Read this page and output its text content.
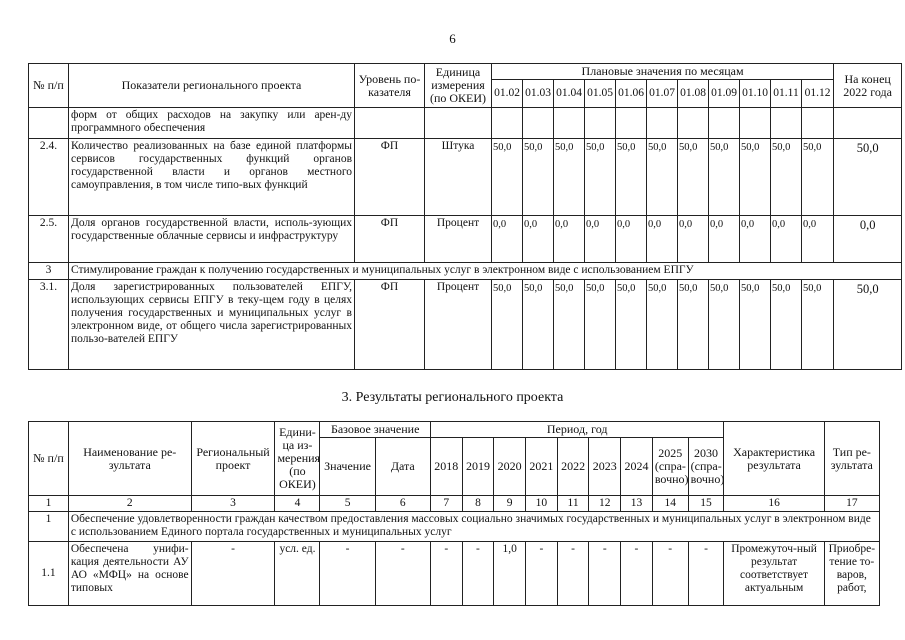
6
№ п/п	Показатели регионального проекта	Уровень по-казателя	Единица измерения (по ОКЕИ)	Плановые значения по месяцам											На конец 2022 года
				01.02	01.03	01.04	01.05	01.06	01.07	01.08	01.09	01.10	01.11	01.12	
	форм от общих расходов на закупку или арен-ду программного обеспечения														
2.4.	Количество реализованных на базе единой платформы сервисов государственных функций органов государственной власти и органов местного самоуправления, в том числе типо-вых функций	ФП	Штука	50,0	50,0	50,0	50,0	50,0	50,0	50,0	50,0	50,0	50,0	50,0	50,0
2.5.	Доля органов государственной власти, исполь-зующих государственные облачные сервисы и инфраструктуру	ФП	Процент	0,0	0,0	0,0	0,0	0,0	0,0	0,0	0,0	0,0	0,0	0,0	0,0
3	Стимулирование граждан к получению государственных и муниципальных услуг в электронном виде с использованием ЕПГУ														
3.1.	Доля зарегистрированных пользователей ЕПГУ, использующих сервисы ЕПГУ в теку-щем году в целях получения государственных и муниципальных услуг в электронном виде, от общего числа зарегистрированных пользо-вателей ЕПГУ	ФП	Процент	50,0	50,0	50,0	50,0	50,0	50,0	50,0	50,0	50,0	50,0	50,0	50,0
3. Результаты регионального проекта
№ п/п	Наименование ре-зультата	Региональный проект	Едини-ца из-мерения (по ОКЕИ)	Базовое значение		Период, год									Характеристика результата	Тип ре-зультата
				Значение	Дата	2018	2019	2020	2021	2022	2023	2024	2025 (спра-вочно)	2030 (спра-вочно)		
1	2	3	4	5	6	7	8	9	10	11	12	13	14	15	16	17
1	Обеспечение удовлетворенности граждан качеством предоставления массовых социально значимых государственных и муниципальных услуг в электронном виде с использованием Единого портала государственных и муниципальных услуг															
1.1	Обеспечена унифи-кация деятельности АУ АО «МФЦ» на основе типовых	-	усл. ед.	-	-	-	-	1,0	-	-	-	-	-	-	Промежуточ-ный результат соответствует актуальным	Приобре-тение то-варов, работ,
